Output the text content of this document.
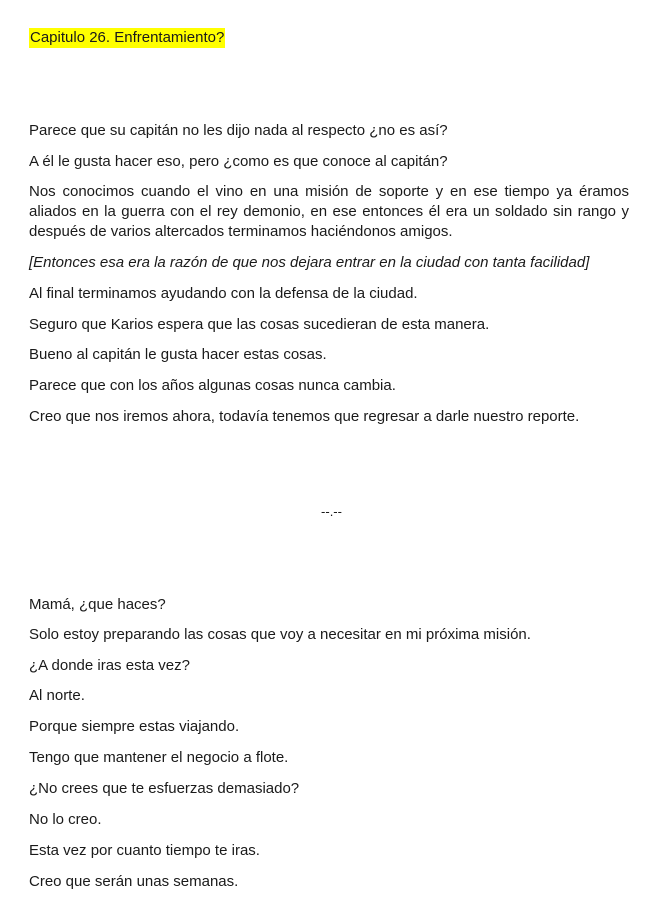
Capitulo 26. Enfrentamiento?

Parece que su capitán no les dijo nada al respecto ¿no es así?

A él le gusta hacer eso, pero ¿como es que conoce al capitán?

Nos conocimos cuando el vino en una misión de soporte y en ese tiempo ya éramos aliados en la guerra con el rey demonio, en ese entonces él era un soldado sin rango y después de varios altercados terminamos haciéndonos amigos.

[Entonces esa era la razón de que nos dejara entrar en la ciudad con tanta facilidad]

Al final terminamos ayudando con la defensa de la ciudad.

Seguro que Karios espera que las cosas sucedieran de esta manera.

Bueno al capitán le gusta hacer estas cosas.

Parece que con los años algunas cosas nunca cambia.

Creo que nos iremos ahora, todavía tenemos que regresar a darle nuestro reporte.

--.--

Mamá, ¿que haces?

Solo estoy preparando las cosas que voy a necesitar en mi próxima misión.

¿A donde iras esta vez?

Al norte.

Porque siempre estas viajando.

Tengo que mantener el negocio a flote.

¿No crees que te esfuerzas demasiado?

No lo creo.

Esta vez por cuanto tiempo te iras.

Creo que serán unas semanas.
